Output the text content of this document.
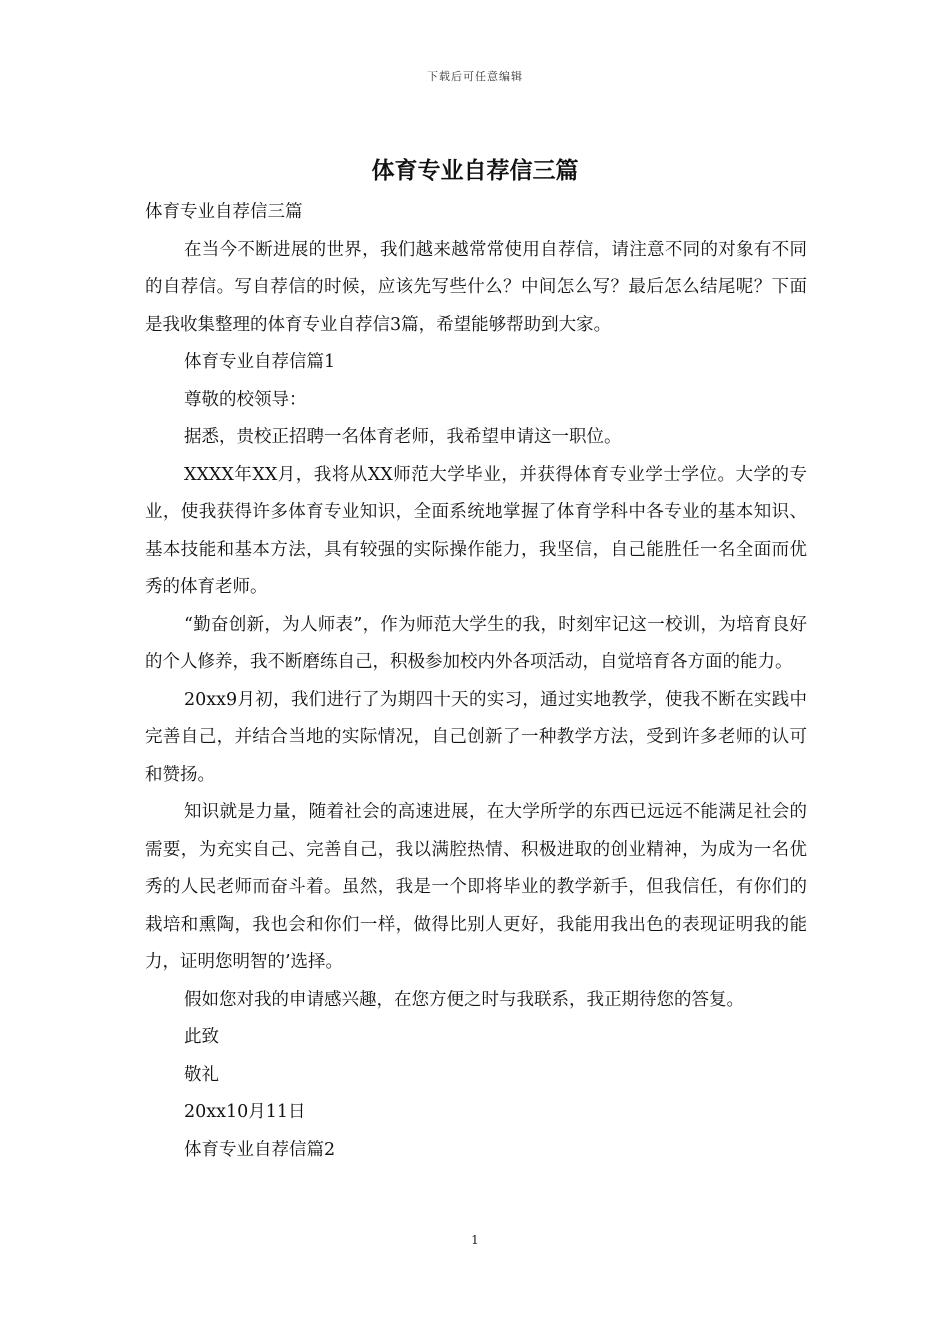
下载后可任意编辑
体育专业自荐信三篇

体育专业自荐信三篇

在当今不断进展的世界，我们越来越常常使用自荐信，请注意不同的对象有不同的自荐信。写自荐信的时候，应该先写些什么？中间怎么写？最后怎么结尾呢？下面是我收集整理的体育专业自荐信3篇，希望能够帮助到大家。

体育专业自荐信篇1

尊敬的校领导：

据悉，贵校正招聘一名体育老师，我希望申请这一职位。

XXXX年XX月，我将从XX师范大学毕业，并获得体育专业学士学位。大学的专业，使我获得许多体育专业知识，全面系统地掌握了体育学科中各专业的基本知识、基本技能和基本方法，具有较强的实际操作能力，我坚信，自己能胜任一名全面而优秀的体育老师。

“勤奋创新，为人师表”，作为师范大学生的我，时刻牢记这一校训，为培育良好的个人修养，我不断磨练自己，积极参加校内外各项活动，自觉培育各方面的能力。

20xx9月初，我们进行了为期四十天的实习，通过实地教学，使我不断在实践中完善自己，并结合当地的实际情况，自己创新了一种教学方法，受到许多老师的认可和赞扬。

知识就是力量，随着社会的高速进展，在大学所学的东西已远远不能满足社会的需要，为充实自己、完善自己，我以满腔热情、积极进取的创业精神，为成为一名优秀的人民老师而奋斗着。虽然，我是一个即将毕业的教学新手，但我信任，有你们的栽培和熏陶，我也会和你们一样，做得比别人更好，我能用我出色的表现证明我的能力，证明您明智的’选择。

假如您对我的申请感兴趣，在您方便之时与我联系，我正期待您的答复。

此致

敬礼

20xx10月11日

体育专业自荐信篇2

1
